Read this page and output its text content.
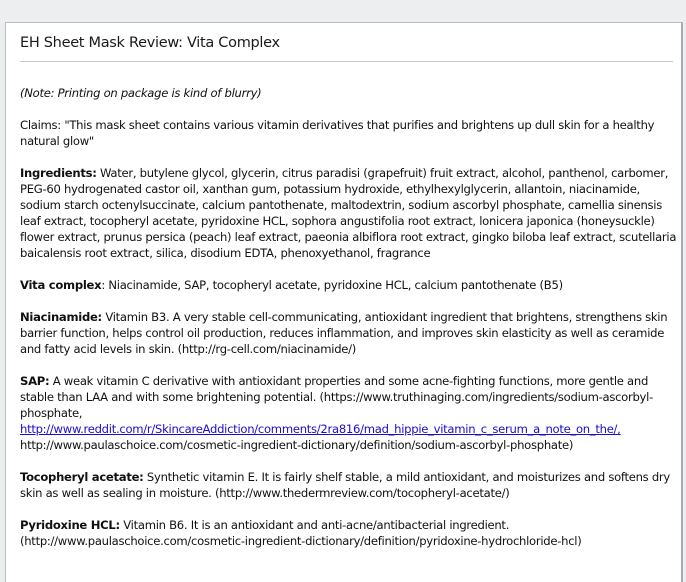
EH Sheet Mask Review: Vita Complex

(Note: Printing on package is kind of blurry)

Claims: "This mask sheet contains various vitamin derivatives that purifies and brightens up dull skin for a healthy natural glow"

Ingredients: Water, butylene glycol, glycerin, citrus paradisi (grapefruit) fruit extract, alcohol, panthenol, carbomer, PEG-60 hydrogenated castor oil, xanthan gum, potassium hydroxide, ethylhexylglycerin, allantoin, niacinamide, sodium starch octenylsuccinate, calcium pantothenate, maltodextrin, sodium ascorbyl phosphate, camellia sinensis leaf extract, tocopheryl acetate, pyridoxine HCL, sophora angustifolia root extract, lonicera japonica (honeysuckle) flower extract, prunus persica (peach) leaf extract, paeonia albiflora root extract, gingko biloba leaf extract, scutellaria baicalensis root extract, silica, disodium EDTA, phenoxyethanol, fragrance

Vita complex: Niacinamide, SAP, tocopheryl acetate, pyridoxine HCL, calcium pantothenate (B5)

Niacinamide: Vitamin B3. A very stable cell-communicating, antioxidant ingredient that brightens, strengthens skin barrier function, helps control oil production, reduces inflammation, and improves skin elasticity as well as ceramide and fatty acid levels in skin. (http://rg-cell.com/niacinamide/)

SAP: A weak vitamin C derivative with antioxidant properties and some acne-fighting functions, more gentle and stable than LAA and with some brightening potential. (https://www.truthinaging.com/ingredients/sodium-ascorbyl-phosphate,
http://www.reddit.com/r/SkincareAddiction/comments/2ra816/mad_hippie_vitamin_c_serum_a_note_on_the/,
http://www.paulaschoice.com/cosmetic-ingredient-dictionary/definition/sodium-ascorbyl-phosphate)

Tocopheryl acetate: Synthetic vitamin E. It is fairly shelf stable, a mild antioxidant, and moisturizes and softens dry skin as well as sealing in moisture. (http://www.thedermreview.com/tocopheryl-acetate/)

Pyridoxine HCL: Vitamin B6. It is an antioxidant and anti-acne/antibacterial ingredient.
(http://www.paulaschoice.com/cosmetic-ingredient-dictionary/definition/pyridoxine-hydrochloride-hcl)
